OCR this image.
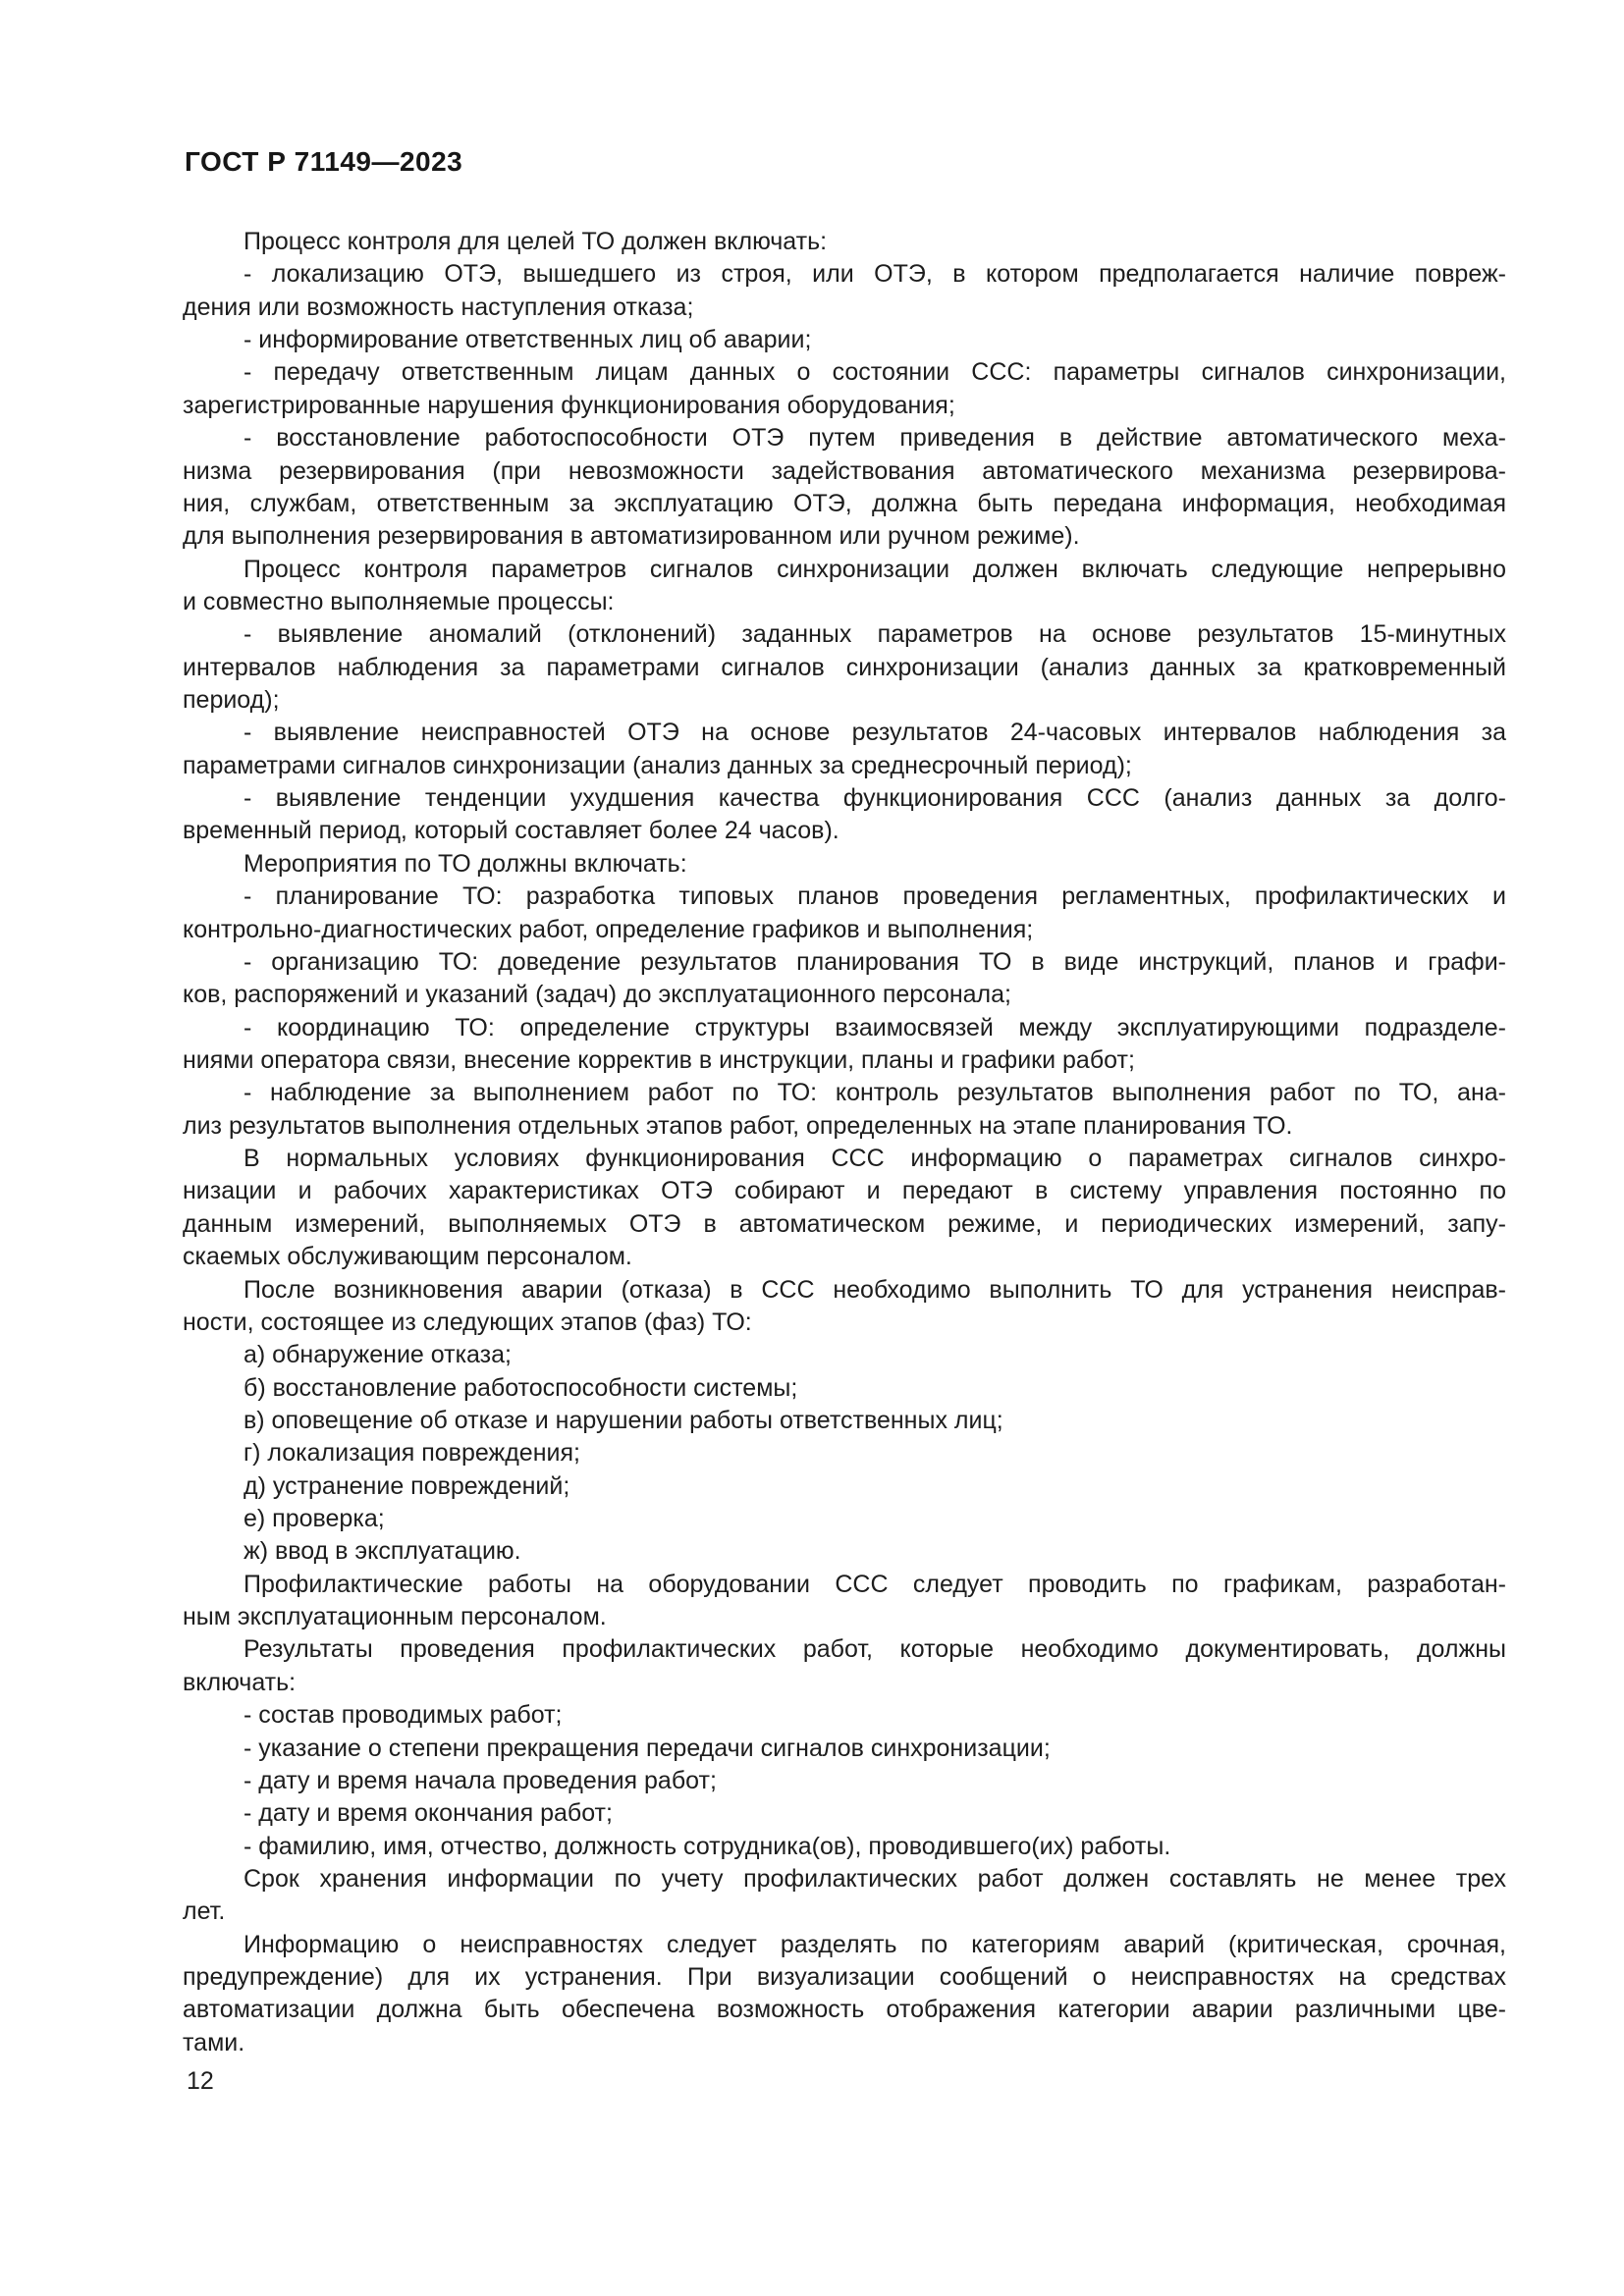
ГОСТ Р 71149—2023
Процесс контроля для целей ТО должен включать:
- локализацию ОТЭ, вышедшего из строя, или ОТЭ, в котором предполагается наличие повреж-
дения или возможность наступления отказа;
- информирование ответственных лиц об аварии;
- передачу ответственным лицам данных о состоянии ССС: параметры сигналов синхронизации,
зарегистрированные нарушения функционирования оборудования;
- восстановление работоспособности ОТЭ путем приведения в действие автоматического меха-
низма резервирования (при невозможности задействования автоматического механизма резервирова-
ния, службам, ответственным за эксплуатацию ОТЭ, должна быть передана информация, необходимая
для выполнения резервирования в автоматизированном или ручном режиме).
Процесс контроля параметров сигналов синхронизации должен включать следующие непрерывно
и совместно выполняемые процессы:
- выявление аномалий (отклонений) заданных параметров на основе результатов 15-минутных
интервалов наблюдения за параметрами сигналов синхронизации (анализ данных за кратковременный
период);
- выявление неисправностей ОТЭ на основе результатов 24-часовых интервалов наблюдения за
параметрами сигналов синхронизации (анализ данных за среднесрочный период);
- выявление тенденции ухудшения качества функционирования ССС (анализ данных за долго-
временный период, который составляет более 24 часов).
Мероприятия по ТО должны включать:
- планирование ТО: разработка типовых планов проведения регламентных, профилактических и
контрольно-диагностических работ, определение графиков и выполнения;
- организацию ТО: доведение результатов планирования ТО в виде инструкций, планов и графи-
ков, распоряжений и указаний (задач) до эксплуатационного персонала;
- координацию ТО: определение структуры взаимосвязей между эксплуатирующими подразделе-
ниями оператора связи, внесение корректив в инструкции, планы и графики работ;
- наблюдение за выполнением работ по ТО: контроль результатов выполнения работ по ТО, ана-
лиз результатов выполнения отдельных этапов работ, определенных на этапе планирования ТО.
В нормальных условиях функционирования ССС информацию о параметрах сигналов синхро-
низации и рабочих характеристиках ОТЭ собирают и передают в систему управления постоянно по
данным измерений, выполняемых ОТЭ в автоматическом режиме, и периодических измерений, запу-
скаемых обслуживающим персоналом.
После возникновения аварии (отказа) в ССС необходимо выполнить ТО для устранения неисправ-
ности, состоящее из следующих этапов (фаз) ТО:
а) обнаружение отказа;
б) восстановление работоспособности системы;
в) оповещение об отказе и нарушении работы ответственных лиц;
г) локализация повреждения;
д) устранение повреждений;
е) проверка;
ж) ввод в эксплуатацию.
Профилактические работы на оборудовании ССС следует проводить по графикам, разработан-
ным эксплуатационным персоналом.
Результаты проведения профилактических работ, которые необходимо документировать, должны
включать:
- состав проводимых работ;
- указание о степени прекращения передачи сигналов синхронизации;
- дату и время начала проведения работ;
- дату и время окончания работ;
- фамилию, имя, отчество, должность сотрудника(ов), проводившего(их) работы.
Срок хранения информации по учету профилактических работ должен составлять не менее трех
лет.
Информацию о неисправностях следует разделять по категориям аварий (критическая, срочная,
предупреждение) для их устранения. При визуализации сообщений о неисправностях на средствах
автоматизации должна быть обеспечена возможность отображения категории аварии различными цве-
тами.
12
